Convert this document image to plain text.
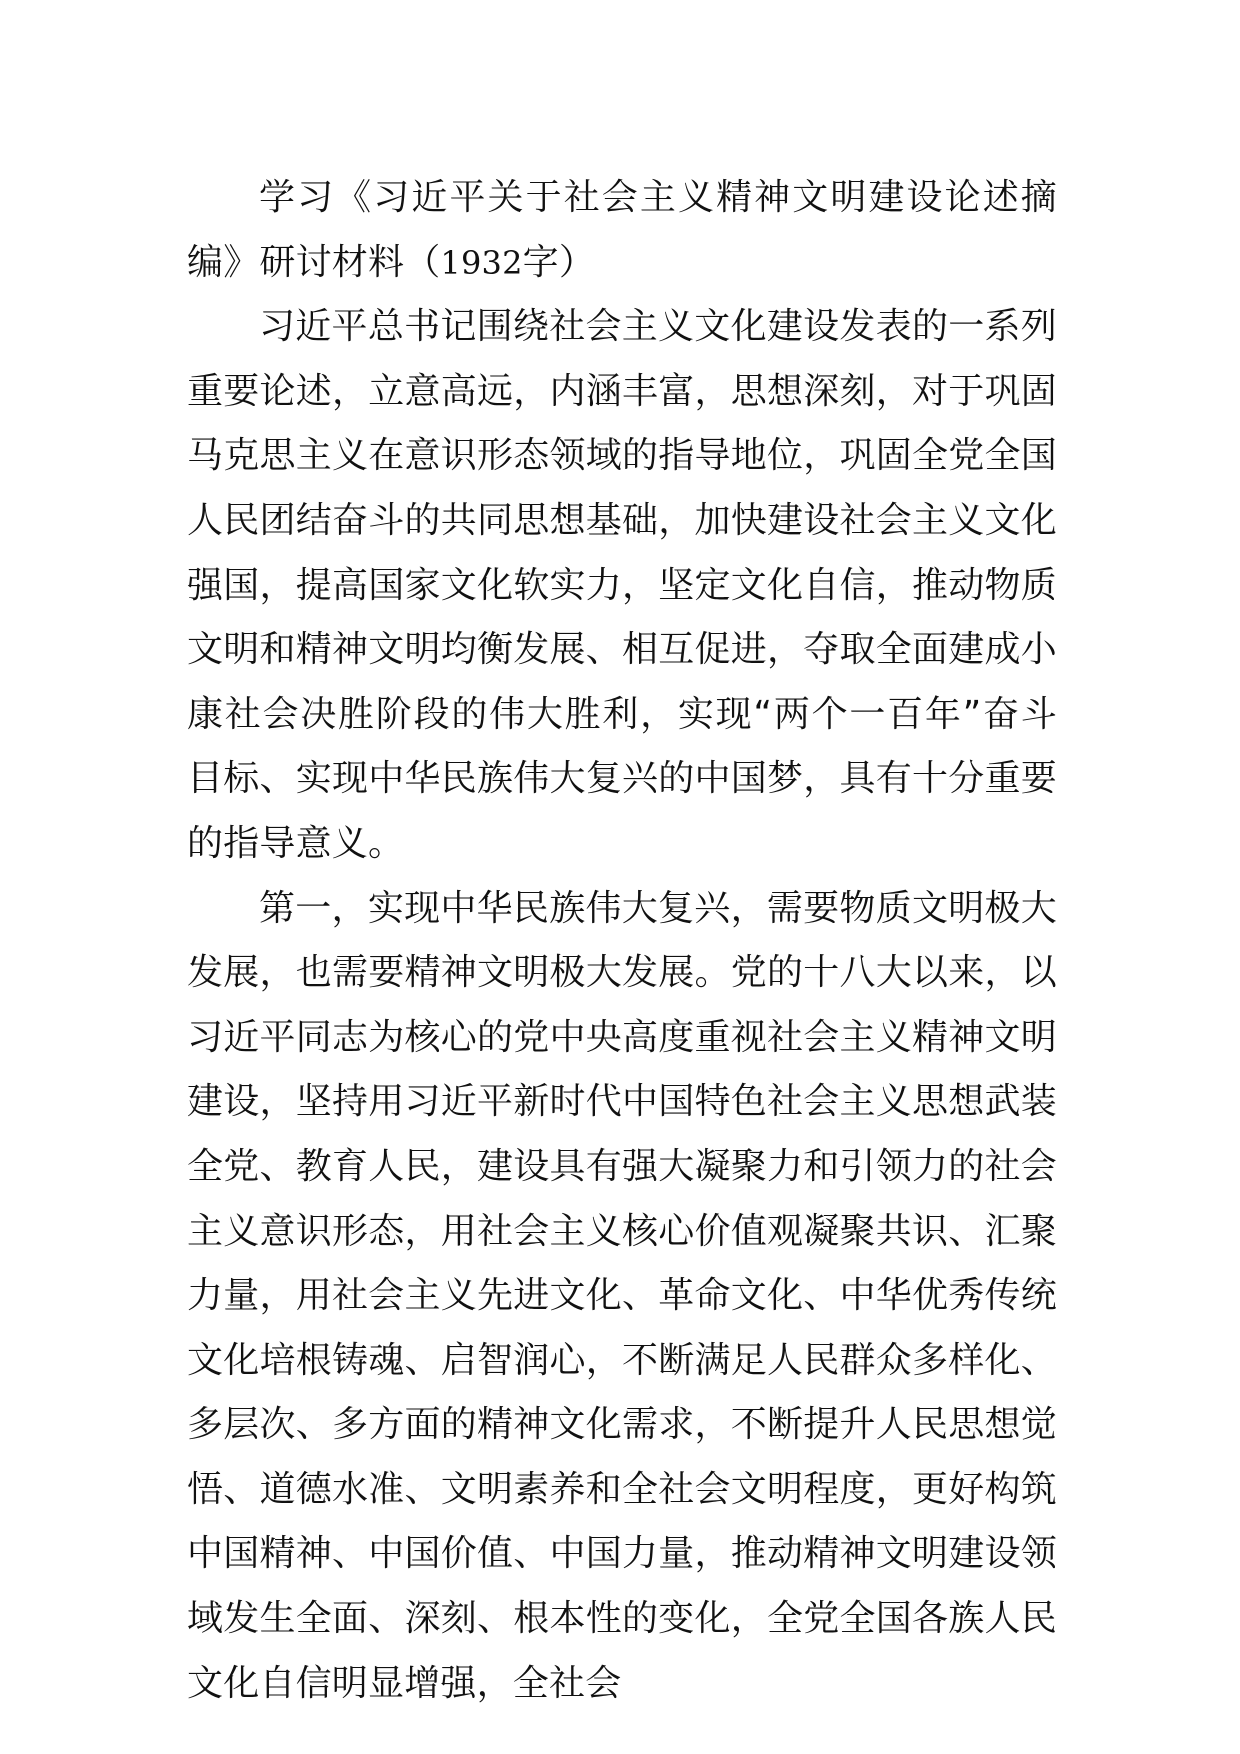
学习《习近平关于社会主义精神文明建设论述摘编》研讨材料（1932字）

习近平总书记围绕社会主义文化建设发表的一系列重要论述，立意高远，内涵丰富，思想深刻，对于巩固马克思主义在意识形态领域的指导地位，巩固全党全国人民团结奋斗的共同思想基础，加快建设社会主义文化强国，提高国家文化软实力，坚定文化自信，推动物质文明和精神文明均衡发展、相互促进，夺取全面建成小康社会决胜阶段的伟大胜利，实现“两个一百年”奋斗目标、实现中华民族伟大复兴的中国梦，具有十分重要的指导意义。

第一，实现中华民族伟大复兴，需要物质文明极大发展，也需要精神文明极大发展。党的十八大以来，以习近平同志为核心的党中央高度重视社会主义精神文明建设，坚持用习近平新时代中国特色社会主义思想武装全党、教育人民，建设具有强大凝聚力和引领力的社会主义意识形态，用社会主义核心价值观凝聚共识、汇聚力量，用社会主义先进文化、革命文化、中华优秀传统文化培根铸魂、启智润心，不断满足人民群众多样化、多层次、多方面的精神文化需求，不断提升人民思想觉悟、道德水准、文明素养和全社会文明程度，更好构筑中国精神、中国价值、中国力量，推动精神文明建设领域发生全面、深刻、根本性的变化，全党全国各族人民文化自信明显增强，全社会
